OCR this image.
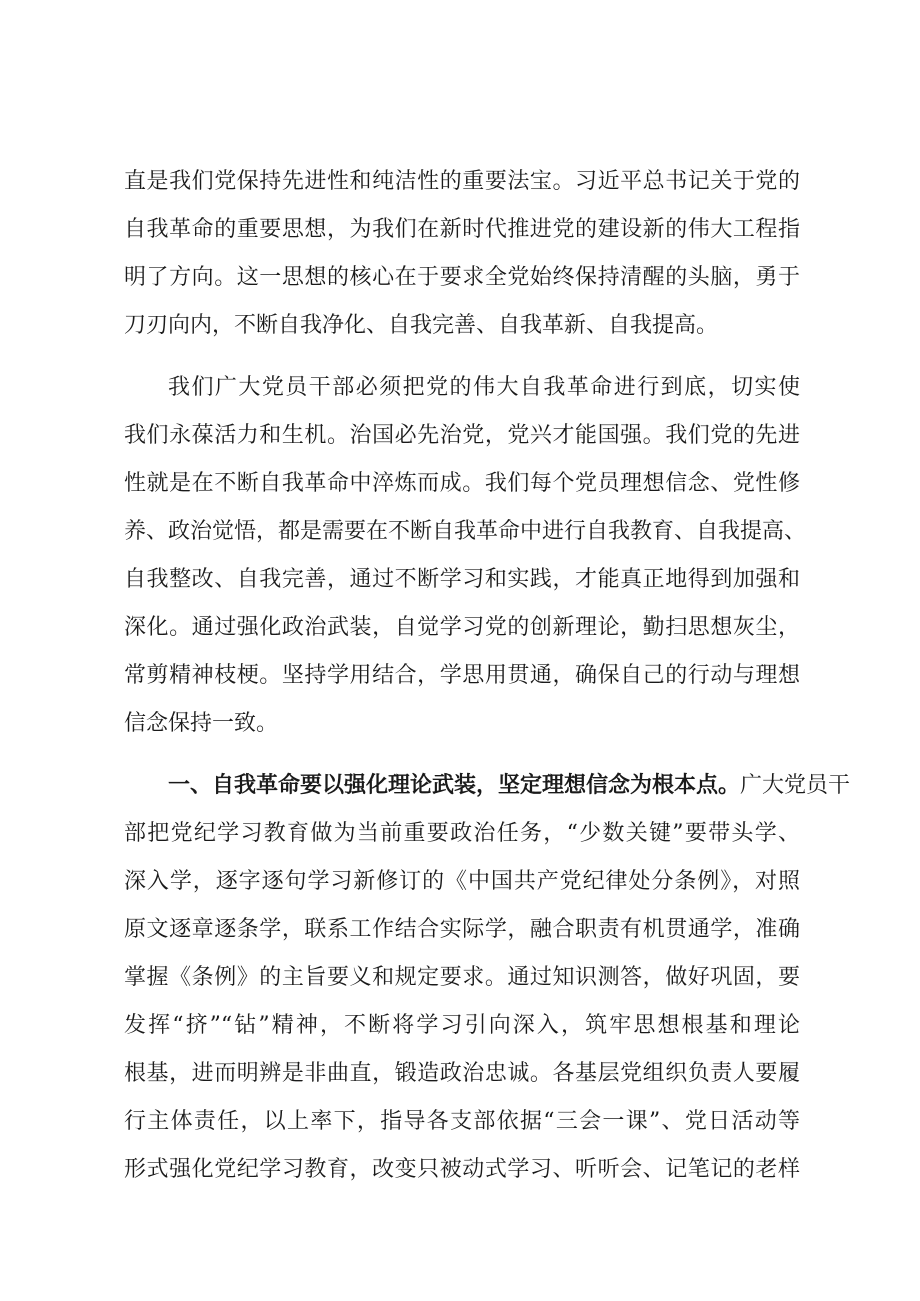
直是我们党保持先进性和纯洁性的重要法宝。习近平总书记关于党的
自我革命的重要思想，为我们在新时代推进党的建设新的伟大工程指
明了方向。这一思想的核心在于要求全党始终保持清醒的头脑，勇于
刀刃向内，不断自我净化、自我完善、自我革新、自我提高。
我们广大党员干部必须把党的伟大自我革命进行到底，切实使
我们永葆活力和生机。治国必先治党，党兴才能国强。我们党的先进
性就是在不断自我革命中淬炼而成。我们每个党员理想信念、党性修
养、政治觉悟，都是需要在不断自我革命中进行自我教育、自我提高、
自我整改、自我完善，通过不断学习和实践，才能真正地得到加强和
深化。通过强化政治武装，自觉学习党的创新理论，勤扫思想灰尘，
常剪精神枝梗。坚持学用结合，学思用贯通，确保自己的行动与理想
信念保持一致。
一、自我革命要以强化理论武装，坚定理想信念为根本点。广大党员干
部把党纪学习教育做为当前重要政治任务，“少数关键”要带头学、
深入学，逐字逐句学习新修订的《中国共产党纪律处分条例》，对照
原文逐章逐条学，联系工作结合实际学，融合职责有机贯通学，准确
掌握《条例》的主旨要义和规定要求。通过知识测答，做好巩固，要
发挥“挤”“钻”精神，不断将学习引向深入，筑牢思想根基和理论
根基，进而明辨是非曲直，锻造政治忠诚。各基层党组织负责人要履
行主体责任，以上率下，指导各支部依据“三会一课”、党日活动等
形式强化党纪学习教育，改变只被动式学习、听听会、记笔记的老样
